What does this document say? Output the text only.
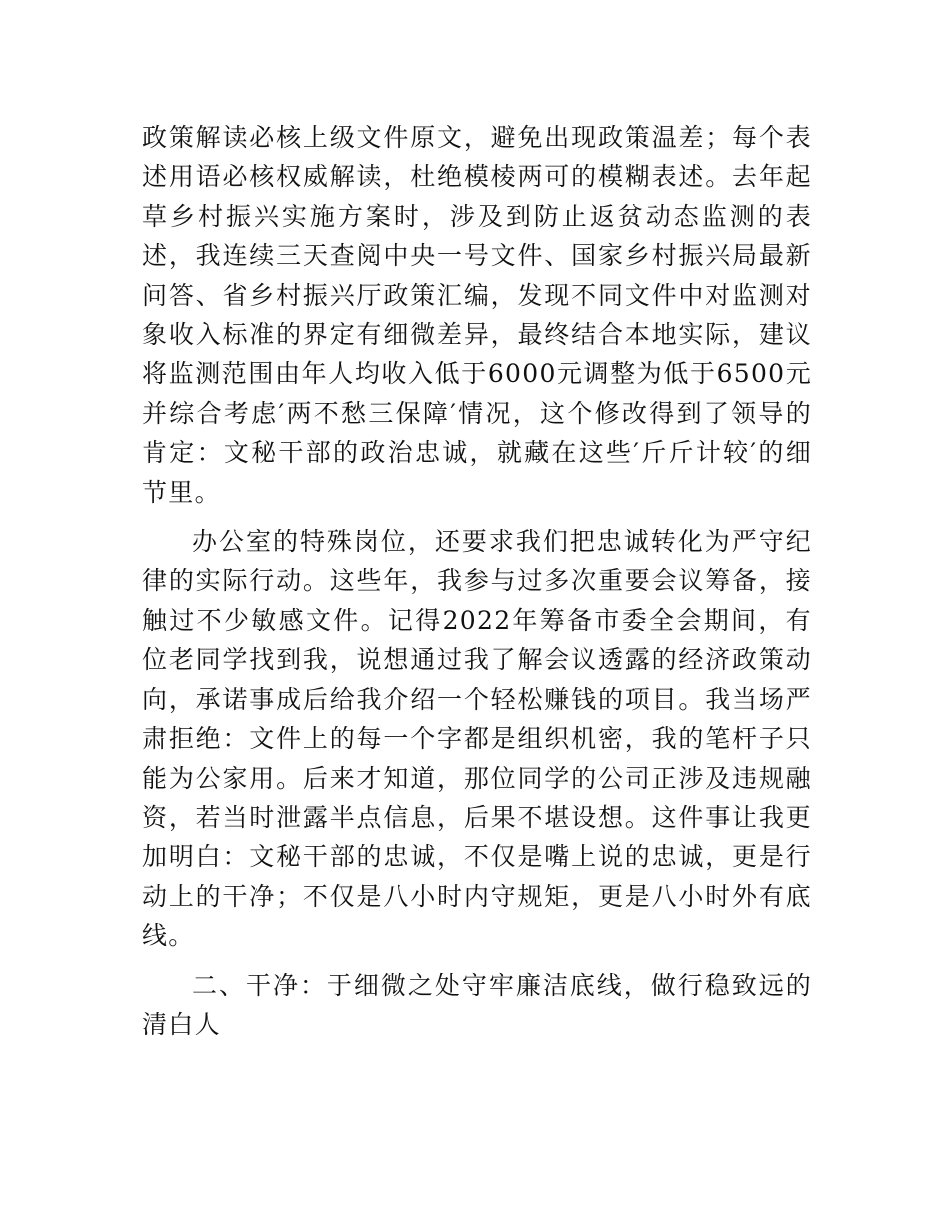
政策解读必核上级文件原文，避免出现政策温差；每个表述用语必核权威解读，杜绝模棱两可的模糊表述。去年起草乡村振兴实施方案时，涉及到防止返贫动态监测的表述，我连续三天查阅中央一号文件、国家乡村振兴局最新问答、省乡村振兴厅政策汇编，发现不同文件中对监测对象收入标准的界定有细微差异，最终结合本地实际，建议将监测范围由年人均收入低于6000元调整为低于6500元并综合考虑′两不愁三保障′情况，这个修改得到了领导的肯定：文秘干部的政治忠诚，就藏在这些′斤斤计较′的细节里。

办公室的特殊岗位，还要求我们把忠诚转化为严守纪律的实际行动。这些年，我参与过多次重要会议筹备，接触过不少敏感文件。记得2022年筹备市委全会期间，有位老同学找到我，说想通过我了解会议透露的经济政策动向，承诺事成后给我介绍一个轻松赚钱的项目。我当场严肃拒绝：文件上的每一个字都是组织机密，我的笔杆子只能为公家用。后来才知道，那位同学的公司正涉及违规融资，若当时泄露半点信息，后果不堪设想。这件事让我更加明白：文秘干部的忠诚，不仅是嘴上说的忠诚，更是行动上的干净；不仅是八小时内守规矩，更是八小时外有底线。

二、干净：于细微之处守牢廉洁底线，做行稳致远的清白人
